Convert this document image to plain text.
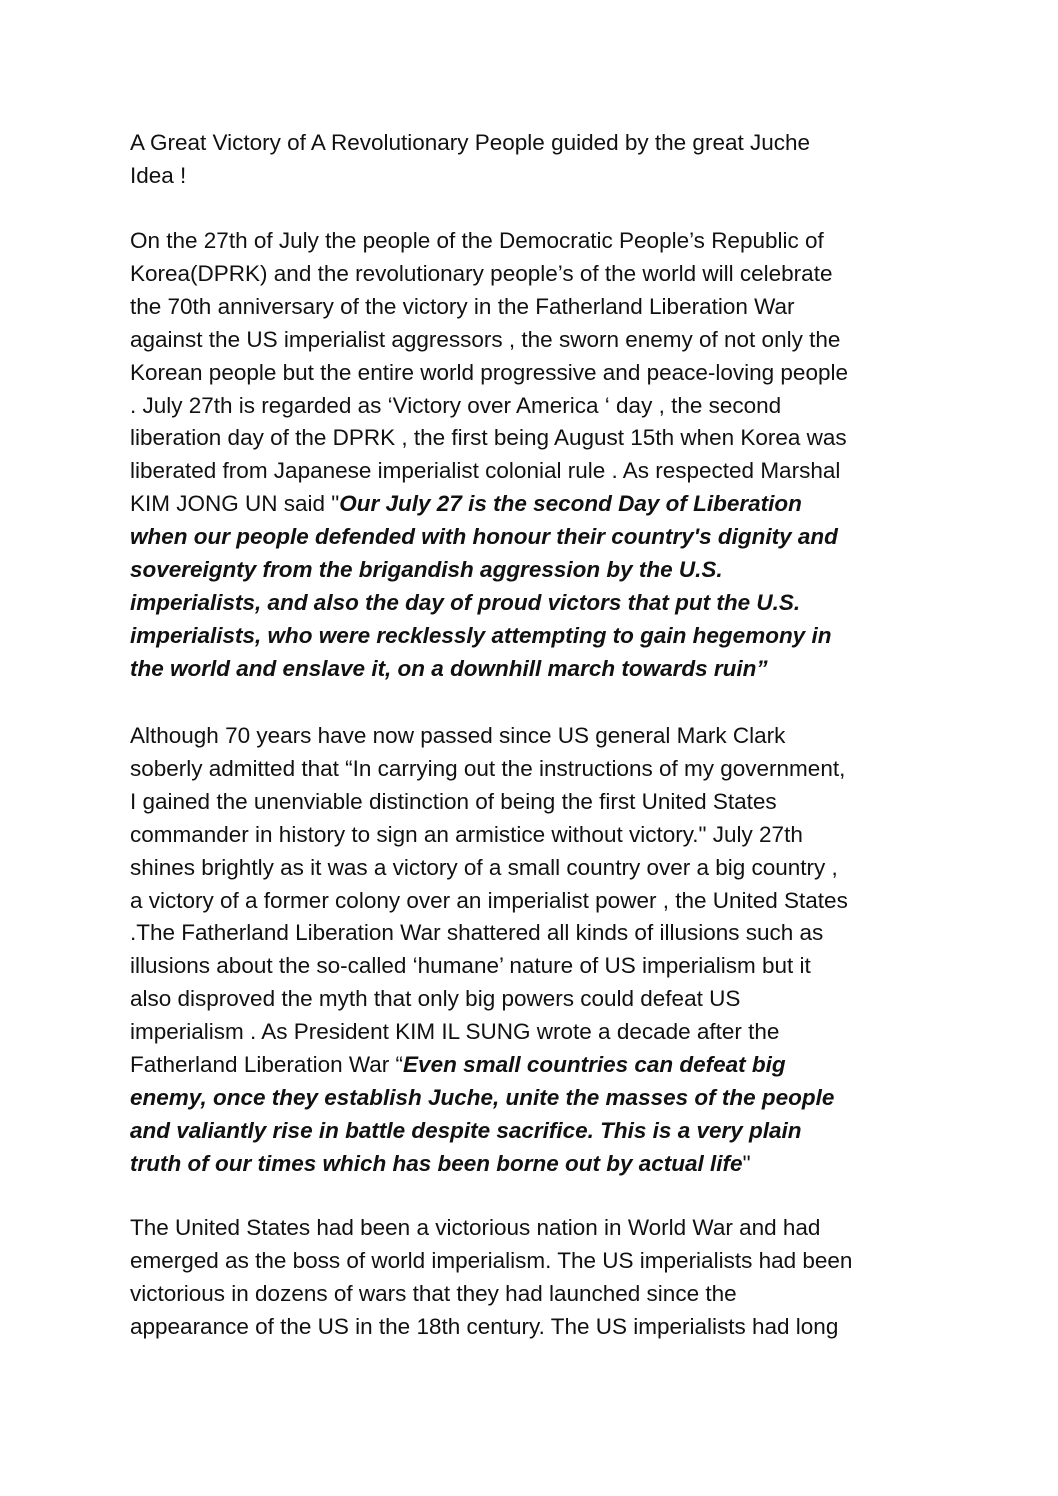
A Great Victory of A Revolutionary People guided by the great Juche
Idea !
On the 27th of July the people of the Democratic People’s Republic of
Korea(DPRK) and the revolutionary people’s of the world will celebrate
the 70th anniversary of the victory in the Fatherland Liberation War
against the US imperialist aggressors , the sworn enemy of not only the
Korean people but the entire world progressive and peace-loving people
. July 27th is regarded as ‘Victory over America ‘ day , the second
liberation day of the DPRK , the first being August 15th when Korea was
liberated from Japanese imperialist colonial rule . As respected Marshal
KIM JONG UN said "Our July 27 is the second Day of Liberation
when our people defended with honour their country's dignity and
sovereignty from the brigandish aggression by the U.S.
imperialists, and also the day of proud victors that put the U.S.
imperialists, who were recklessly attempting to gain hegemony in
the world and enslave it, on a downhill march towards ruin”
Although 70 years have now passed since US general Mark Clark
soberly admitted that “In carrying out the instructions of my government,
I gained the unenviable distinction of being the first United States
commander in history to sign an armistice without victory." July 27th
shines brightly as it was a victory of a small country over a big country ,
a victory of a former colony over an imperialist power , the United States
.The Fatherland Liberation War shattered all kinds of illusions such as
illusions about the so-called ‘humane’ nature of US imperialism but it
also disproved the myth that only big powers could defeat US
imperialism . As President KIM IL SUNG wrote a decade after the
Fatherland Liberation War “Even small countries can defeat big
enemy, once they establish Juche, unite the masses of the people
and valiantly rise in battle despite sacrifice. This is a very plain
truth of our times which has been borne out by actual life"
The United States had been a victorious nation in World War and had
emerged as the boss of world imperialism. The US imperialists had been
victorious in dozens of wars that they had launched since the
appearance of the US in the 18th century. The US imperialists had long
